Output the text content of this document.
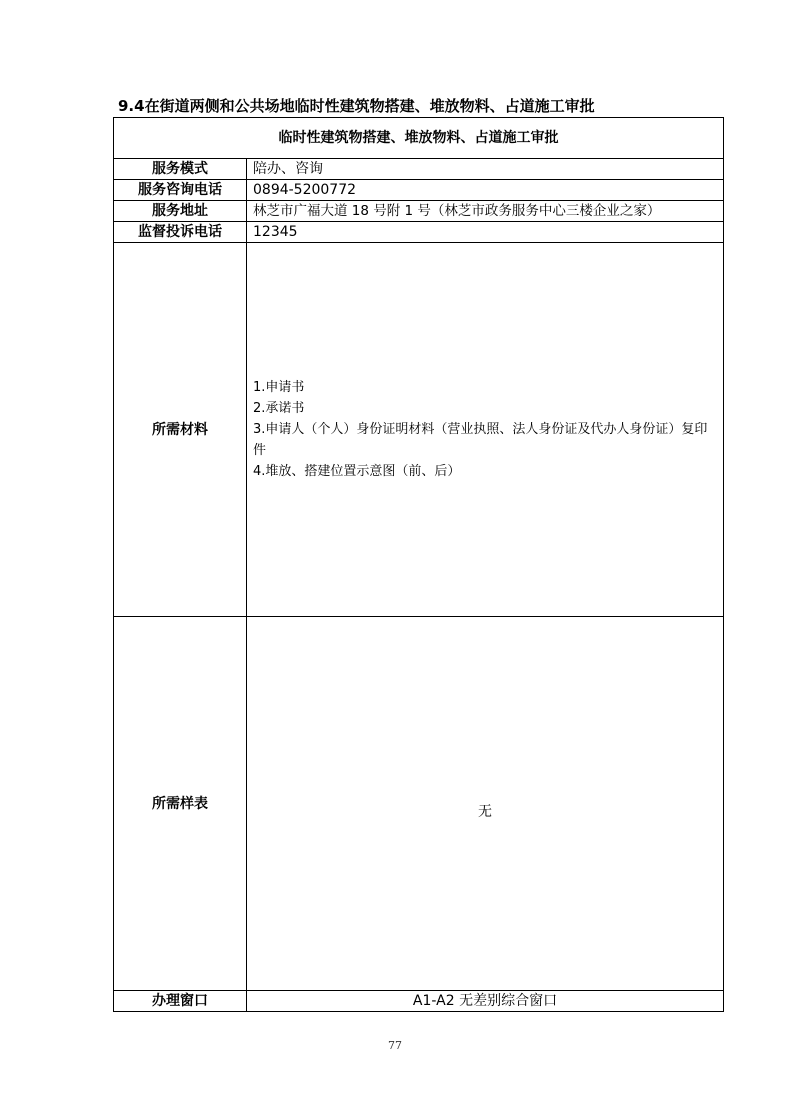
9.4在街道两侧和公共场地临时性建筑物搭建、堆放物料、占道施工审批
临时性建筑物搭建、堆放物料、占道施工审批	
服务模式	陪办、咨询
服务咨询电话	0894-5200772
服务地址	林芝市广福大道 18 号附 1 号（林芝市政务服务中心三楼企业之家）
监督投诉电话	12345
所需材料	1.申请书
2.承诺书
3.申请人（个人）身份证明材料（营业执照、法人身份证及代办人身份证）复印件
4.堆放、搭建位置示意图（前、后）

所需样表	无
办理窗口	A1-A2 无差别综合窗口
77
